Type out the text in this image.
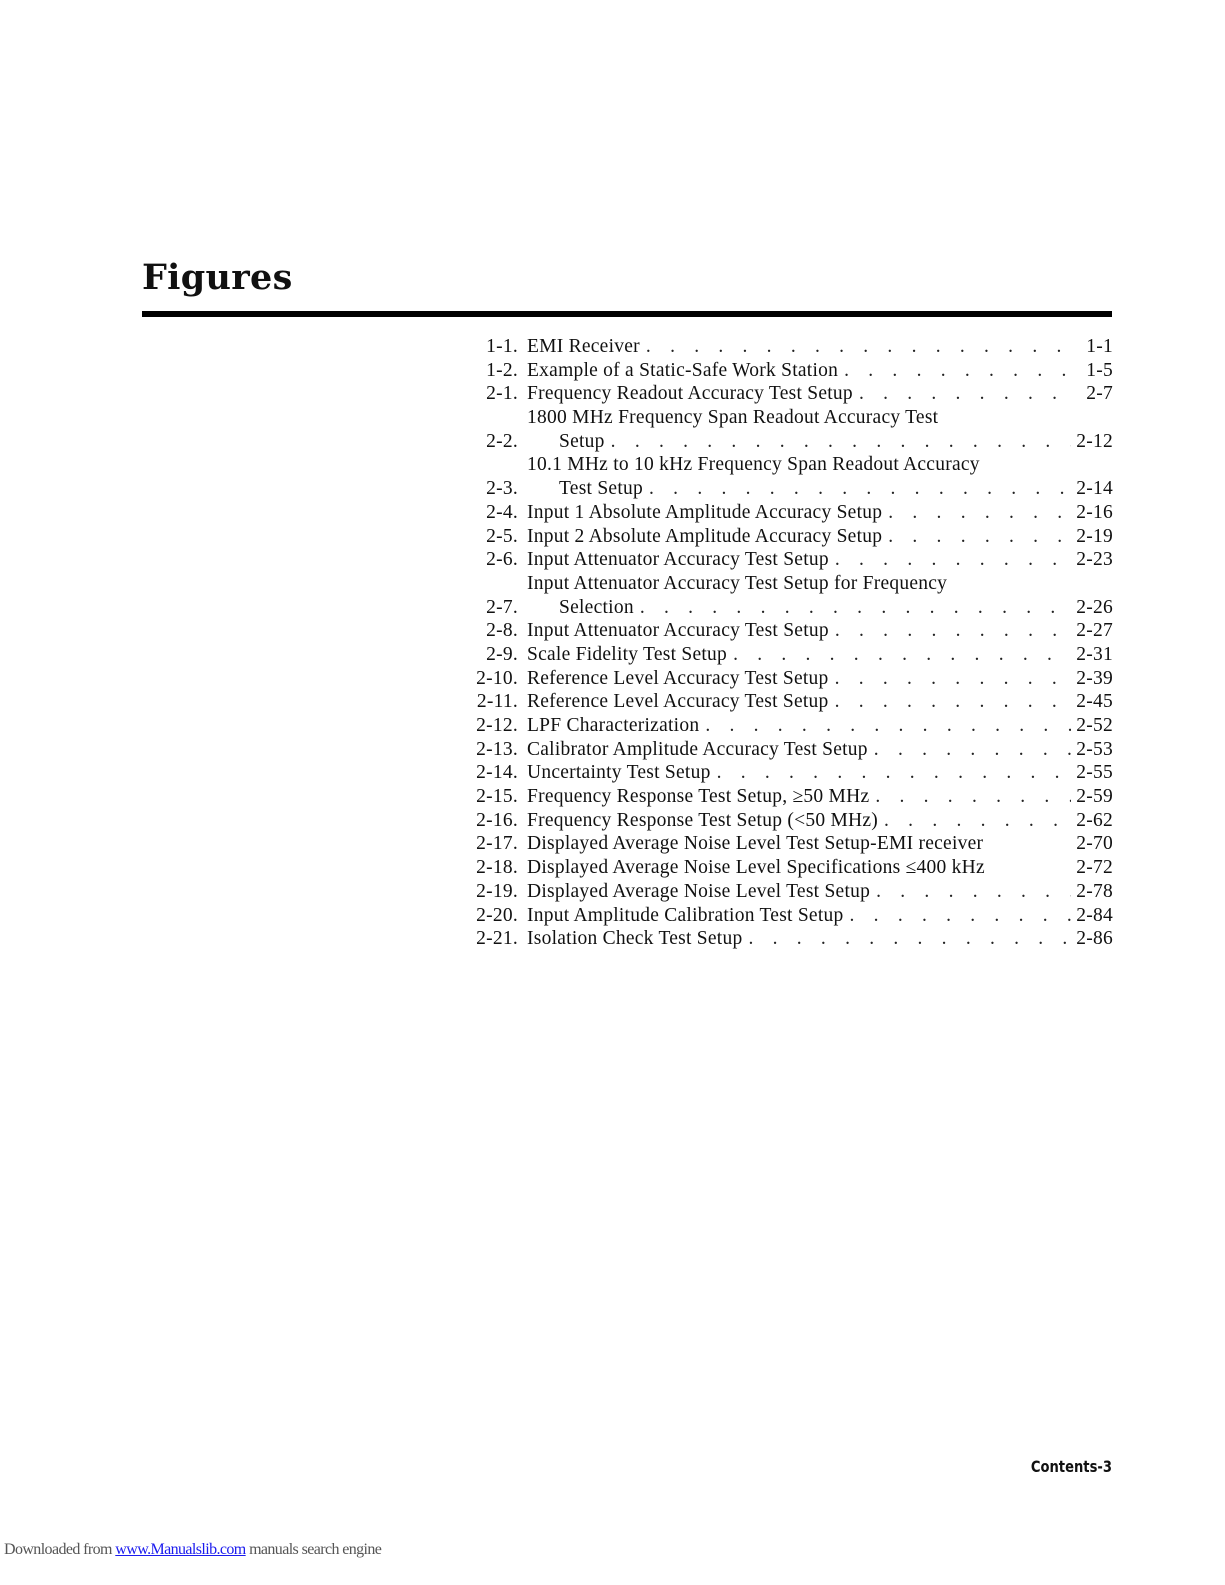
Figures
1-1. EMI Receiver . . .	1-1
1-2. Example of a Static-Safe Work Station . . .	1-5
2-1. Frequency Readout Accuracy Test Setup . . .	2-7
2-2.
1800 MHz Frequency Span Readout Accuracy Test
Setup . . .	2-12
2-3.
10.1 MHz to 10 kHz Frequency Span Readout Accuracy
Test Setup . . .	2-14
2-4. Input 1 Absolute Amplitude Accuracy Setup . . .	2-16
2-5. Input 2 Absolute Amplitude Accuracy Setup . . .	2-19
2-6. Input Attenuator Accuracy Test Setup . . .	2-23
2-7.
Input Attenuator Accuracy Test Setup for Frequency
Selection . . .	2-26
2-8. Input Attenuator Accuracy Test Setup . . .	2-27
2-9. Scale Fidelity Test Setup . . .	2-31
2-10. Reference Level Accuracy Test Setup . . .	2-39
2-11. Reference Level Accuracy Test Setup . . .	2-45
2-12. LPF Characterization . . .	2-52
2-13. Calibrator Amplitude Accuracy Test Setup . . .	2-53
2-14. Uncertainty Test Setup . . .	2-55
2-15. Frequency Response Test Setup, ≥50 MHz . . .	2-59
2-16. Frequency Response Test Setup (<50 MHz) . . .	2-62
2-17. Displayed Average Noise Level Test Setup-EMI receiver	2-70
2-18. Displayed Average Noise Level Specifications ≤400 kHz	2-72
2-19. Displayed Average Noise Level Test Setup . . .	2-78
2-20. Input Amplitude Calibration Test Setup . . .	2-84
2-21. Isolation Check Test Setup . . .	2-86
Contents-3
Downloaded from www.Manualslib.com manuals search engine
